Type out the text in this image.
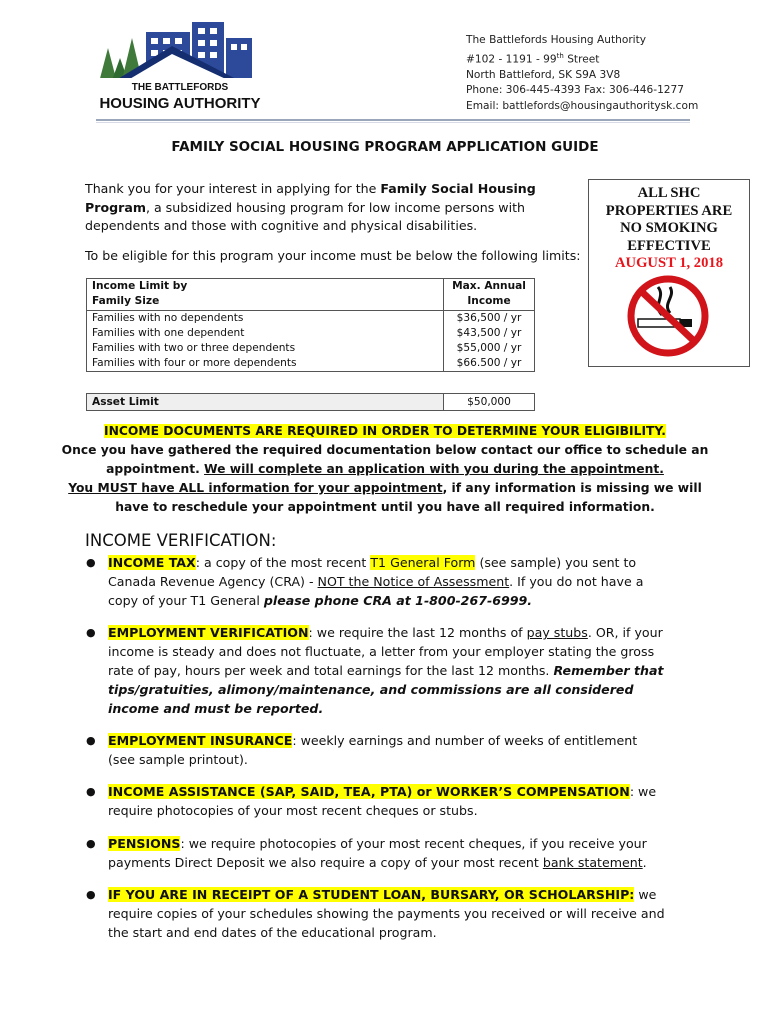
THE BATTLEFORDS
HOUSING AUTHORITY
The Battlefords Housing Authority
#102 - 1191 - 99th Street
North Battleford, SK S9A 3V8
Phone: 306-445-4393 Fax: 306-446-1277
Email: battlefords@housingauthoritysk.com
FAMILY SOCIAL HOUSING PROGRAM APPLICATION GUIDE
Thank you for your interest in applying for the Family Social Housing Program, a subsidized housing program for low income persons with dependents and those with cognitive and physical disabilities.
To be eligible for this program your income must be below the following limits:
Income Limit by
Family Size	Max. Annual
Income
Families with no dependents	$36,500 / yr
Families with one dependent	$43,500 / yr
Families with two or three dependents	$55,000 / yr
Families with four or more dependents	$66.500 / yr
Asset Limit	$50,000
ALL SHC
PROPERTIES ARE
NO SMOKING
EFFECTIVE
AUGUST 1, 2018
INCOME DOCUMENTS ARE REQUIRED IN ORDER TO DETERMINE YOUR ELIGIBILITY.
Once you have gathered the required documentation below contact our office to schedule an appointment. We will complete an application with you during the appointment.
You MUST have ALL information for your appointment, if any information is missing we will have to reschedule your appointment until you have all required information.
INCOME VERIFICATION:
● INCOME TAX: a copy of the most recent T1 General Form (see sample) you sent to Canada Revenue Agency (CRA) - NOT the Notice of Assessment. If you do not have a copy of your T1 General please phone CRA at 1-800-267-6999.
● EMPLOYMENT VERIFICATION: we require the last 12 months of pay stubs. OR, if your income is steady and does not fluctuate, a letter from your employer stating the gross rate of pay, hours per week and total earnings for the last 12 months. Remember that tips/gratuities, alimony/maintenance, and commissions are all considered income and must be reported.
● EMPLOYMENT INSURANCE: weekly earnings and number of weeks of entitlement (see sample printout).
● INCOME ASSISTANCE (SAP, SAID, TEA, PTA) or WORKER’S COMPENSATION: we require photocopies of your most recent cheques or stubs.
● PENSIONS: we require photocopies of your most recent cheques, if you receive your payments Direct Deposit we also require a copy of your most recent bank statement.
● IF YOU ARE IN RECEIPT OF A STUDENT LOAN, BURSARY, OR SCHOLARSHIP: we require copies of your schedules showing the payments you received or will receive and the start and end dates of the educational program.
